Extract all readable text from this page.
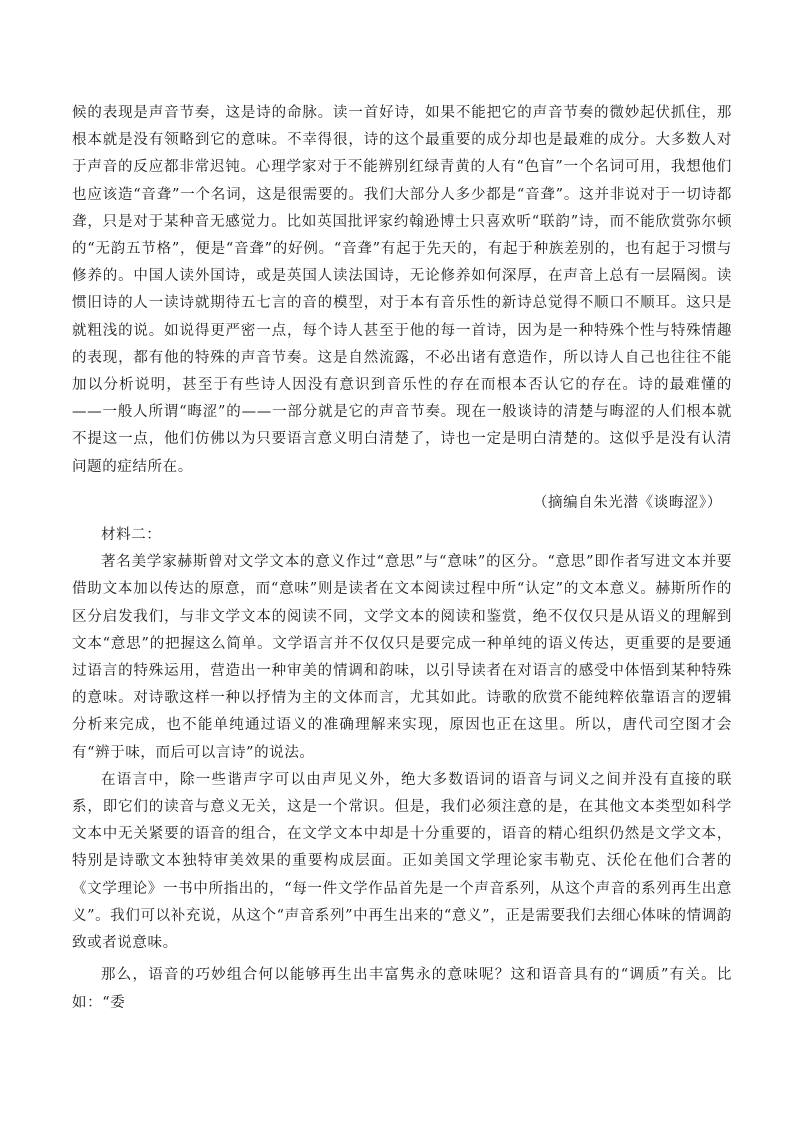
候的表现是声音节奏，这是诗的命脉。读一首好诗，如果不能把它的声音节奏的微妙起伏抓住，那根本就是没有领略到它的意味。不幸得很，诗的这个最重要的成分却也是最难的成分。大多数人对于声音的反应都非常迟钝。心理学家对于不能辨别红绿青黄的人有“色盲”一个名词可用，我想他们也应该造“音聋”一个名词，这是很需要的。我们大部分人多少都是“音聋”。这并非说对于一切诗都聋，只是对于某种音无感觉力。比如英国批评家约翰逊博士只喜欢听“联韵”诗，而不能欣赏弥尔顿的“无韵五节格”，便是“音聋”的好例。“音聋”有起于先天的，有起于种族差别的，也有起于习惯与修养的。中国人读外国诗，或是英国人读法国诗，无论修养如何深厚，在声音上总有一层隔阂。读惯旧诗的人一读诗就期待五七言的音的模型，对于本有音乐性的新诗总觉得不顺口不顺耳。这只是就粗浅的说。如说得更严密一点，每个诗人甚至于他的每一首诗，因为是一种特殊个性与特殊情趣的表现，都有他的特殊的声音节奏。这是自然流露，不必出诸有意造作，所以诗人自己也往往不能加以分析说明，甚至于有些诗人因没有意识到音乐性的存在而根本否认它的存在。诗的最难懂的——一般人所谓“晦涩”的——一部分就是它的声音节奏。现在一般谈诗的清楚与晦涩的人们根本就不提这一点，他们仿佛以为只要语言意义明白清楚了，诗也一定是明白清楚的。这似乎是没有认清问题的症结所在。

（摘编自朱光潜《谈晦涩》）

材料二：

著名美学家赫斯曾对文学文本的意义作过“意思”与“意味”的区分。“意思”即作者写进文本并要借助文本加以传达的原意，而“意味”则是读者在文本阅读过程中所“认定”的文本意义。赫斯所作的区分启发我们，与非文学文本的阅读不同，文学文本的阅读和鉴赏，绝不仅仅只是从语义的理解到文本“意思”的把握这么简单。文学语言并不仅仅只是要完成一种单纯的语义传达，更重要的是要通过语言的特殊运用，营造出一种审美的情调和韵味，以引导读者在对语言的感受中体悟到某种特殊的意味。对诗歌这样一种以抒情为主的文体而言，尤其如此。诗歌的欣赏不能纯粹依靠语言的逻辑分析来完成，也不能单纯通过语义的准确理解来实现，原因也正在这里。所以，唐代司空图才会有“辨于味，而后可以言诗”的说法。

在语言中，除一些谐声字可以由声见义外，绝大多数语词的语音与词义之间并没有直接的联系，即它们的读音与意义无关，这是一个常识。但是，我们必须注意的是，在其他文本类型如科学文本中无关紧要的语音的组合，在文学文本中却是十分重要的，语音的精心组织仍然是文学文本，特别是诗歌文本独特审美效果的重要构成层面。正如美国文学理论家韦勒克、沃伦在他们合著的《文学理论》一书中所指出的，“每一件文学作品首先是一个声音系列，从这个声音的系列再生出意义”。我们可以补充说，从这个“声音系列”中再生出来的“意义”，正是需要我们去细心体味的情调韵致或者说意味。

那么，语音的巧妙组合何以能够再生出丰富隽永的意味呢？这和语音具有的“调质”有关。比如：“委
